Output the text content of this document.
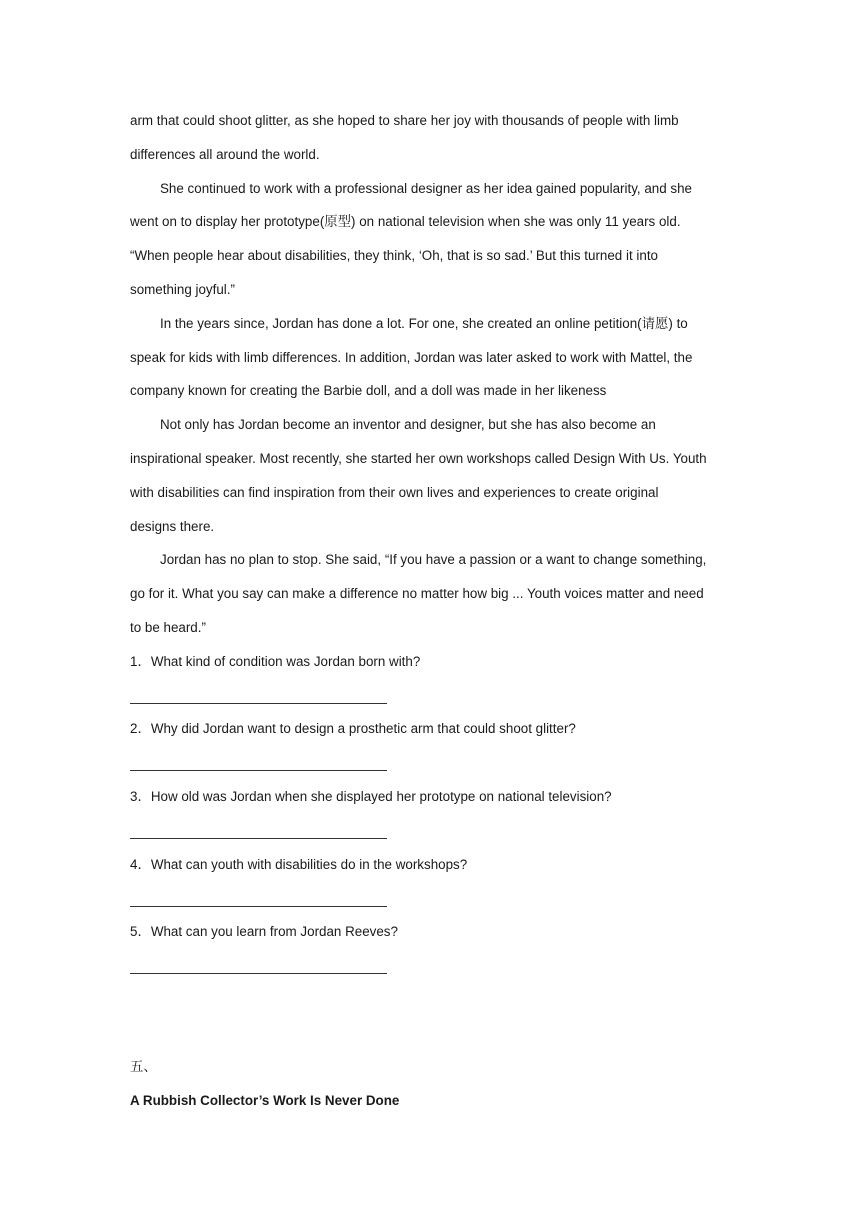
arm that could shoot glitter, as she hoped to share her joy with thousands of people with limb
differences all around the world.
She continued to work with a professional designer as her idea gained popularity, and she
went on to display her prototype(原型) on national television when she was only 11 years old.
“When people hear about disabilities, they think, ‘Oh, that is so sad.’ But this turned it into
something joyful.”
In the years since, Jordan has done a lot. For one, she created an online petition(请愿) to
speak for kids with limb differences. In addition, Jordan was later asked to work with Mattel, the
company known for creating the Barbie doll, and a doll was made in her likeness
Not only has Jordan become an inventor and designer, but she has also become an
inspirational speaker. Most recently, she started her own workshops called Design With Us. Youth
with disabilities can find inspiration from their own lives and experiences to create original
designs there.
Jordan has no plan to stop. She said, “If you have a passion or a want to change something,
go for it. What you say can make a difference no matter how big ... Youth voices matter and need
to be heard.”
1．What kind of condition was Jordan born with?
2．Why did Jordan want to design a prosthetic arm that could shoot glitter?
3．How old was Jordan when she displayed her prototype on national television?
4．What can youth with disabilities do in the workshops?
5．What can you learn from Jordan Reeves?
五、
A Rubbish Collector’s Work Is Never Done
